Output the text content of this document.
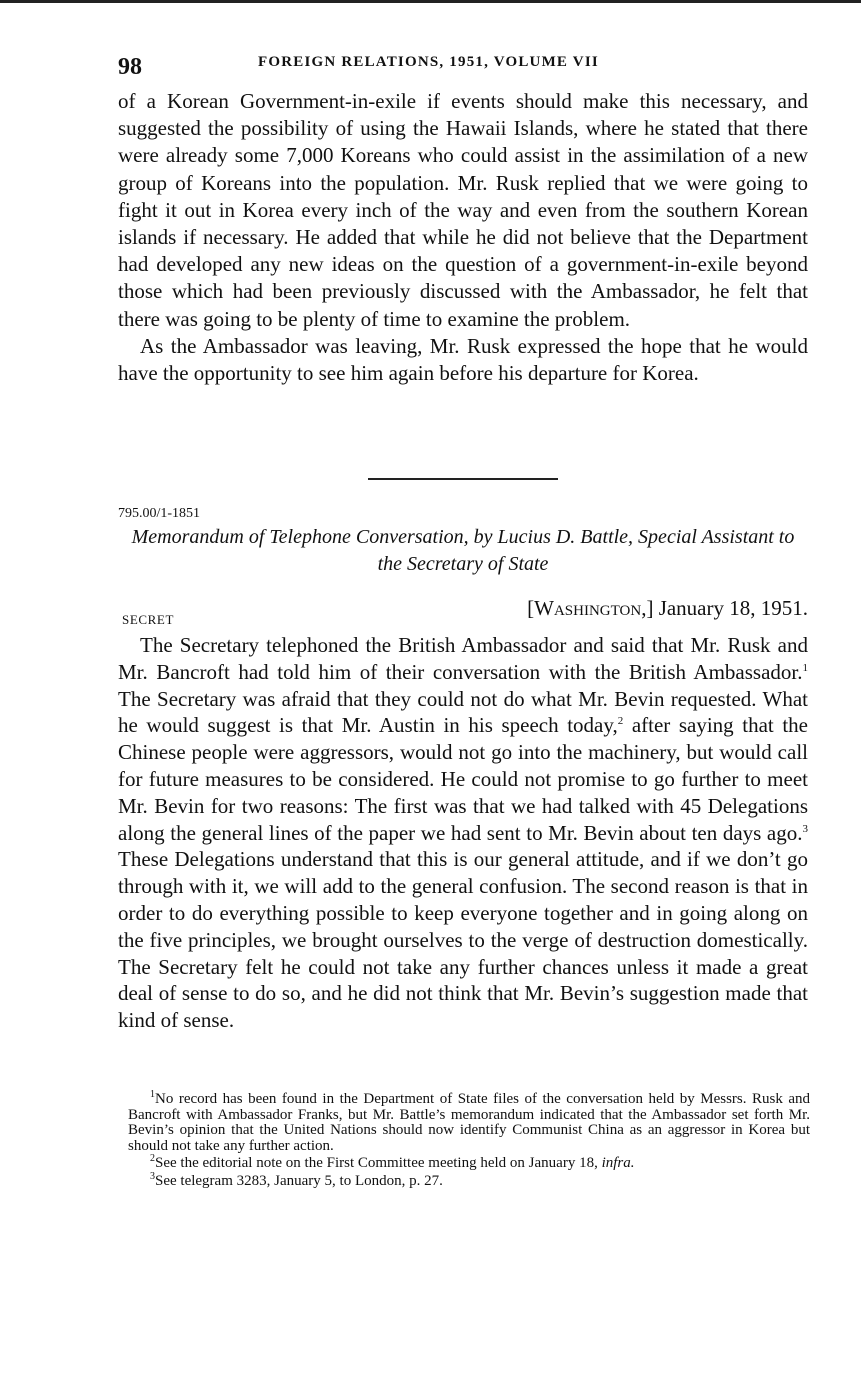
98	FOREIGN RELATIONS, 1951, VOLUME VII

of a Korean Government-in-exile if events should make this necessary, and suggested the possibility of using the Hawaii Islands, where he stated that there were already some 7,000 Koreans who could assist in the assimilation of a new group of Koreans into the population. Mr. Rusk replied that we were going to fight it out in Korea every inch of the way and even from the southern Korean islands if necessary. He added that while he did not believe that the Department had developed any new ideas on the question of a government-in-exile beyond those which had been previously discussed with the Ambassador, he felt that there was going to be plenty of time to examine the problem.

As the Ambassador was leaving, Mr. Rusk expressed the hope that he would have the opportunity to see him again before his departure for Korea.

795.00/1-1851
Memorandum of Telephone Conversation, by Lucius D. Battle, Special Assistant to the Secretary of State
SECRET	[Washington,] January 18, 1951.

The Secretary telephoned the British Ambassador and said that Mr. Rusk and Mr. Bancroft had told him of their conversation with the British Ambassador.$^1$ The Secretary was afraid that they could not do what Mr. Bevin requested. What he would suggest is that Mr. Austin in his speech today,$^2$ after saying that the Chinese people were aggressors, would not go into the machinery, but would call for future measures to be considered. He could not promise to go further to meet Mr. Bevin for two reasons: The first was that we had talked with 45 Delegations along the general lines of the paper we had sent to Mr. Bevin about ten days ago.$^3$ These Delegations understand that this is our general attitude, and if we don’t go through with it, we will add to the general confusion. The second reason is that in order to do everything possible to keep everyone together and in going along on the five principles, we brought ourselves to the verge of destruction domestically. The Secretary felt he could not take any further chances unless it made a great deal of sense to do so, and he did not think that Mr. Bevin’s suggestion made that kind of sense.

$^1$No record has been found in the Department of State files of the conversation held by Messrs. Rusk and Bancroft with Ambassador Franks, but Mr. Battle’s memorandum indicated that the Ambassador set forth Mr. Bevin’s opinion that the United Nations should now identify Communist China as an aggressor in Korea but should not take any further action.

$^2$See the editorial note on the First Committee meeting held on January 18, infra.

$^3$See telegram 3283, January 5, to London, p. 27.
